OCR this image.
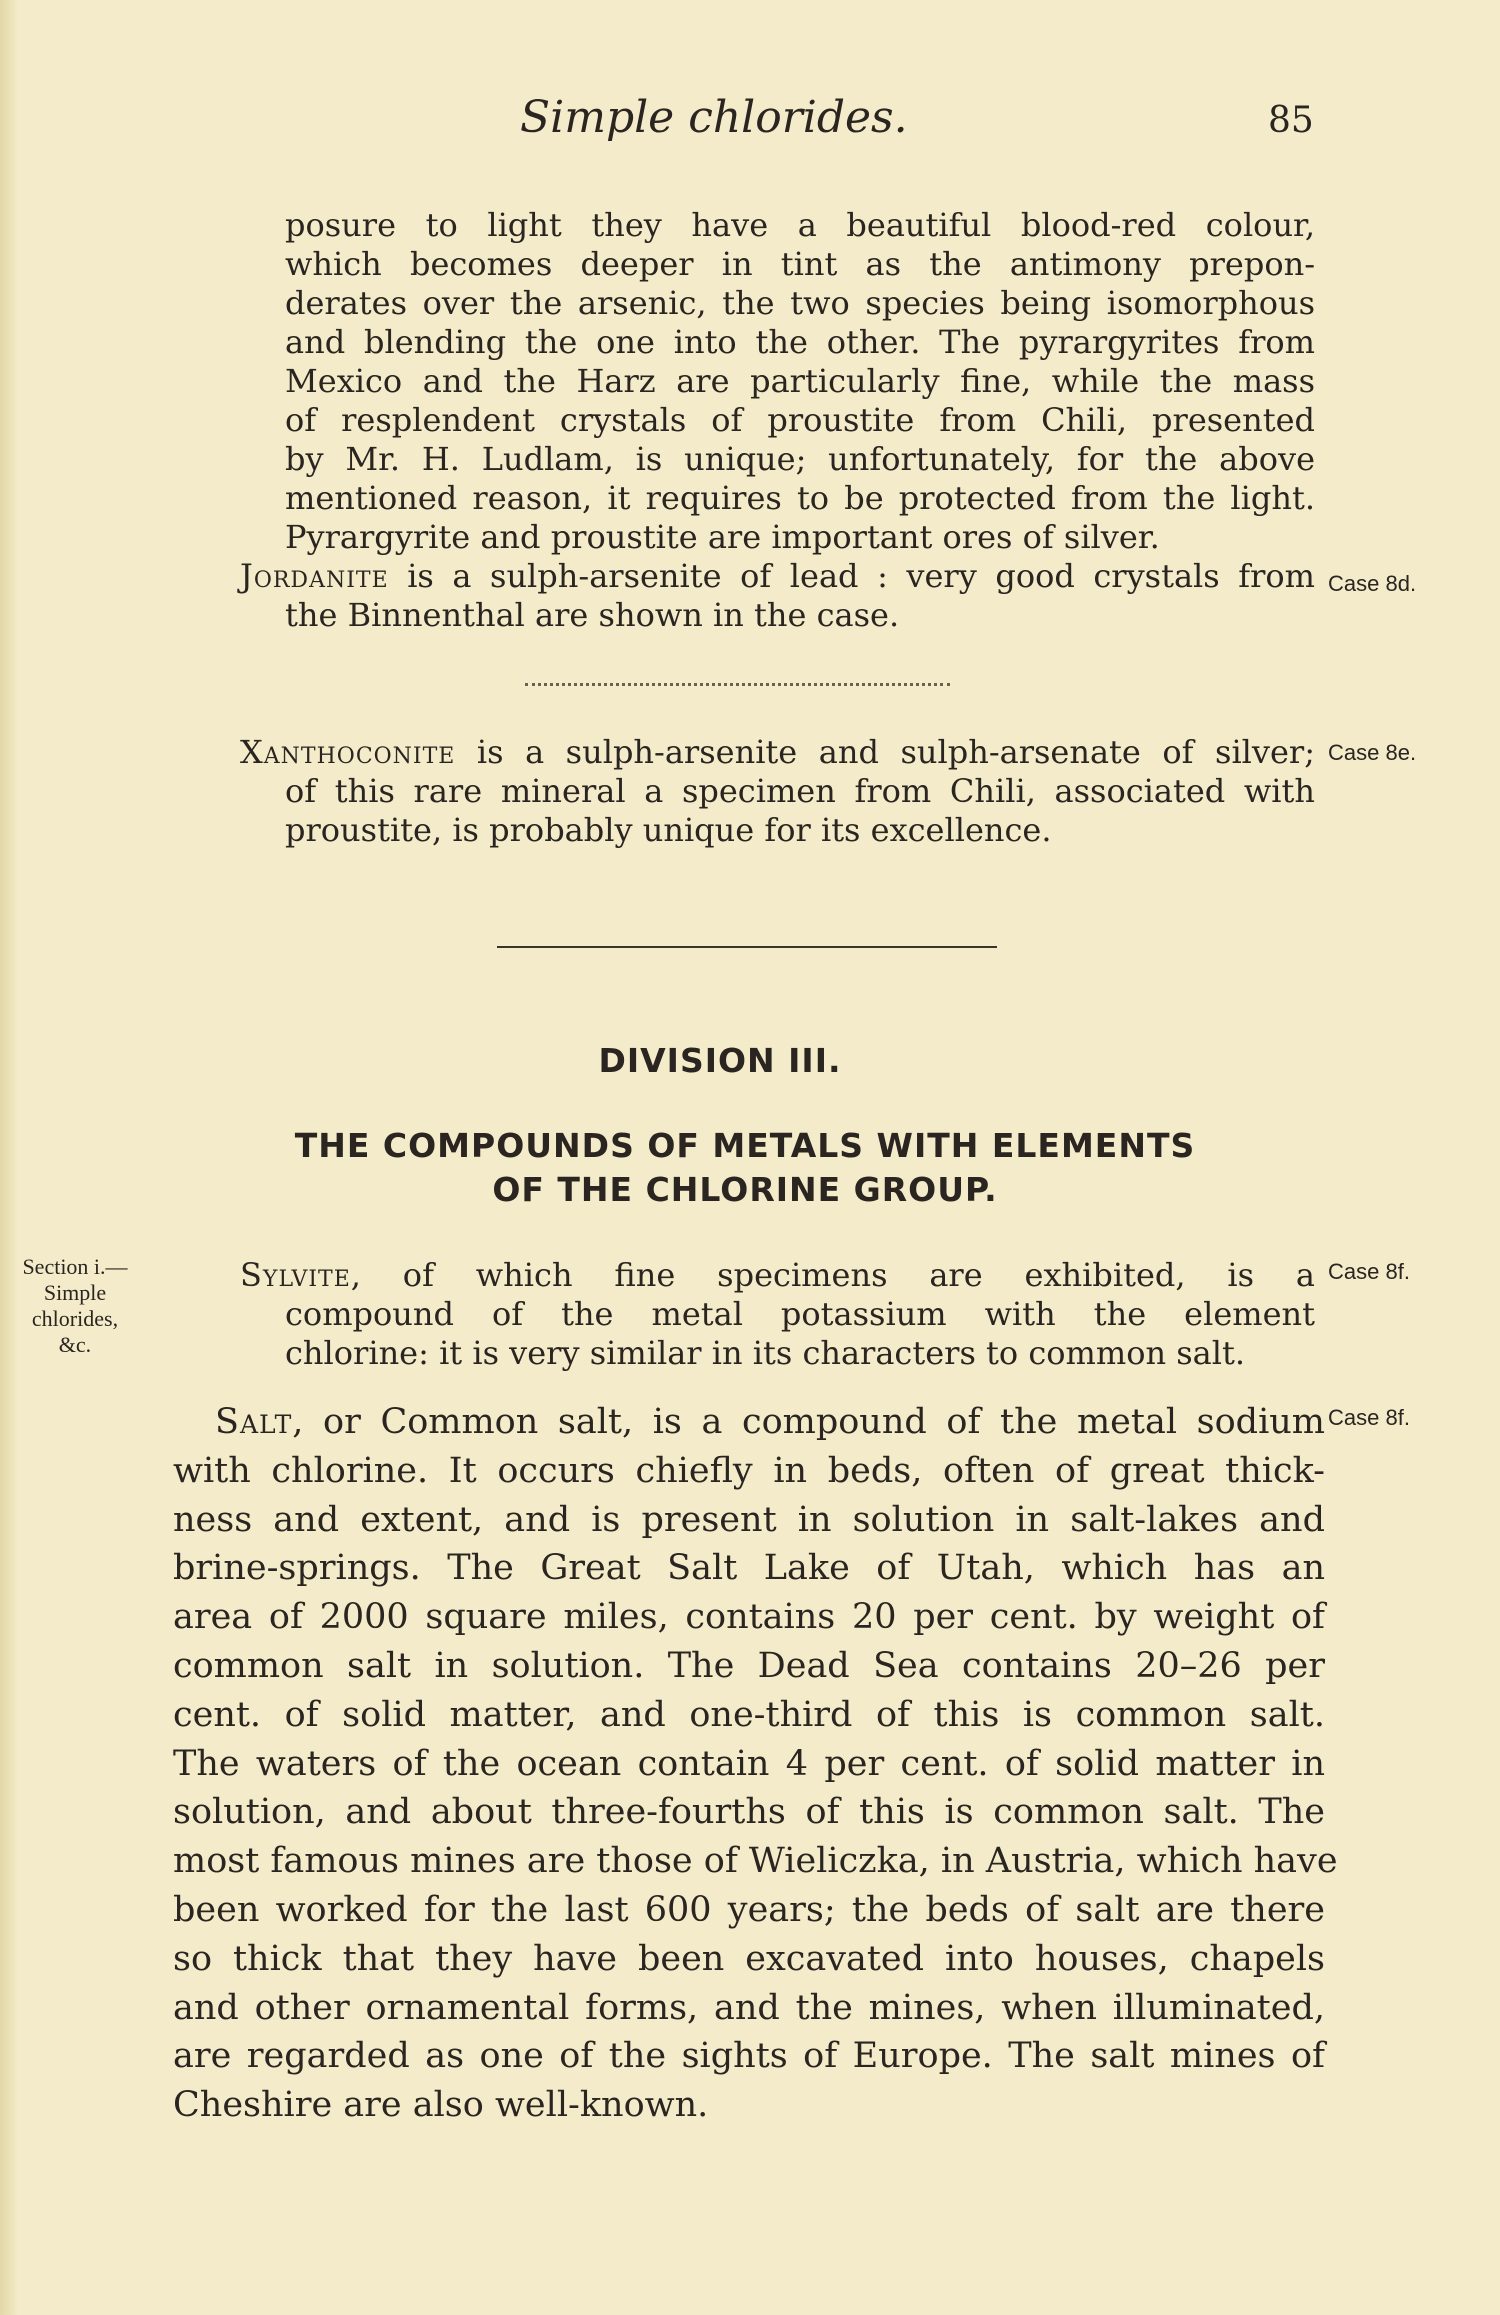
Simple chlorides.	85
posure to light they have a beautiful blood-red colour,
which becomes deeper in tint as the antimony prepon-
derates over the arsenic, the two species being isomorphous
and blending the one into the other. The pyrargyrites from
Mexico and the Harz are particularly fine, while the mass
of resplendent crystals of proustite from Chili, presented
by Mr. H. Ludlam, is unique; unfortunately, for the above
mentioned reason, it requires to be protected from the light.
Pyrargyrite and proustite are important ores of silver.
Jordanite is a sulph-arsenite of lead : very good crystals from
the Binnenthal are shown in the case.
Case 8d.
Xanthoconite is a sulph-arsenite and sulph-arsenate of silver;
of this rare mineral a specimen from Chili, associated with
proustite, is probably unique for its excellence.
Case 8e.
DIVISION III.
THE COMPOUNDS OF METALS WITH ELEMENTS
OF THE CHLORINE GROUP.
Section i.—
Simple
chlorides,
&c.
Sylvite, of which fine specimens are exhibited, is a
compound of the metal potassium with the element
chlorine: it is very similar in its characters to common salt.
Case 8f.
Salt, or Common salt, is a compound of the metal sodium
with chlorine. It occurs chiefly in beds, often of great thick-
ness and extent, and is present in solution in salt-lakes and
brine-springs. The Great Salt Lake of Utah, which has an
area of 2000 square miles, contains 20 per cent. by weight of
common salt in solution. The Dead Sea contains 20–26 per
cent. of solid matter, and one-third of this is common salt.
The waters of the ocean contain 4 per cent. of solid matter in
solution, and about three-fourths of this is common salt. The
most famous mines are those of Wieliczka, in Austria, which have
been worked for the last 600 years; the beds of salt are there
so thick that they have been excavated into houses, chapels
and other ornamental forms, and the mines, when illuminated,
are regarded as one of the sights of Europe. The salt mines of
Cheshire are also well-known.
Case 8f.
